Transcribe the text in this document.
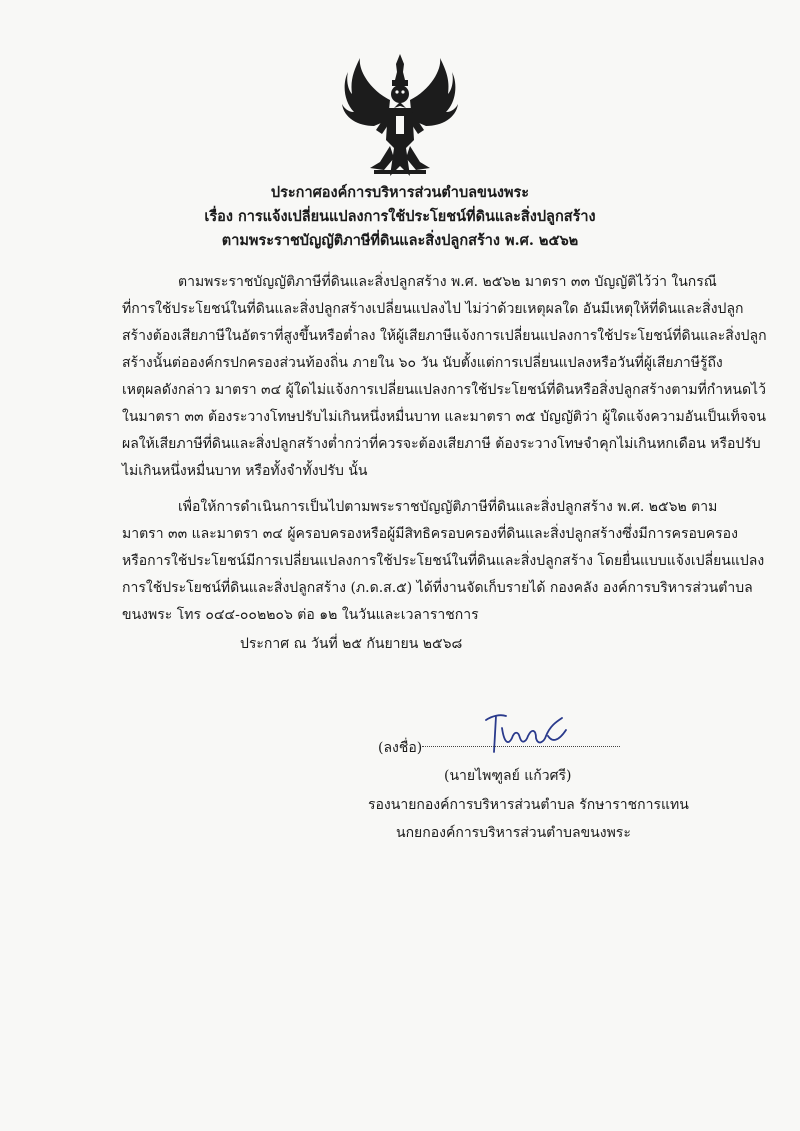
ประกาศองค์การบริหารส่วนตำบลขนงพระ
เรื่อง การแจ้งเปลี่ยนแปลงการใช้ประโยชน์ที่ดินและสิ่งปลูกสร้าง
ตามพระราชบัญญัติภาษีที่ดินและสิ่งปลูกสร้าง พ.ศ. ๒๕๖๒
ตามพระราชบัญญัติภาษีที่ดินและสิ่งปลูกสร้าง พ.ศ. ๒๕๖๒ มาตรา ๓๓ บัญญัติไว้ว่า ในกรณี
ที่การใช้ประโยชน์ในที่ดินและสิ่งปลูกสร้างเปลี่ยนแปลงไป ไม่ว่าด้วยเหตุผลใด อันมีเหตุให้ที่ดินและสิ่งปลูก
สร้างต้องเสียภาษีในอัตราที่สูงขึ้นหรือต่ำลง ให้ผู้เสียภาษีแจ้งการเปลี่ยนแปลงการใช้ประโยชน์ที่ดินและสิ่งปลูก
สร้างนั้นต่อองค์กรปกครองส่วนท้องถิ่น ภายใน ๖๐ วัน นับตั้งแต่การเปลี่ยนแปลงหรือวันที่ผู้เสียภาษีรู้ถึง
เหตุผลดังกล่าว มาตรา ๓๔ ผู้ใดไม่แจ้งการเปลี่ยนแปลงการใช้ประโยชน์ที่ดินหรือสิ่งปลูกสร้างตามที่กำหนดไว้
ในมาตรา ๓๓ ต้องระวางโทษปรับไม่เกินหนึ่งหมื่นบาท และมาตรา ๓๕ บัญญัติว่า ผู้ใดแจ้งความอันเป็นเท็จจน
ผลให้เสียภาษีที่ดินและสิ่งปลูกสร้างต่ำกว่าที่ควรจะต้องเสียภาษี ต้องระวางโทษจำคุกไม่เกินหกเดือน หรือปรับ
ไม่เกินหนึ่งหมื่นบาท หรือทั้งจำทั้งปรับ นั้น
เพื่อให้การดำเนินการเป็นไปตามพระราชบัญญัติภาษีที่ดินและสิ่งปลูกสร้าง พ.ศ. ๒๕๖๒ ตาม
มาตรา ๓๓ และมาตรา ๓๔ ผู้ครอบครองหรือผู้มีสิทธิครอบครองที่ดินและสิ่งปลูกสร้างซึ่งมีการครอบครอง
หรือการใช้ประโยชน์มีการเปลี่ยนแปลงการใช้ประโยชน์ในที่ดินและสิ่งปลูกสร้าง โดยยื่นแบบแจ้งเปลี่ยนแปลง
การใช้ประโยชน์ที่ดินและสิ่งปลูกสร้าง (ภ.ด.ส.๕) ได้ที่งานจัดเก็บรายได้ กองคลัง องค์การบริหารส่วนตำบล
ขนงพระ โทร ๐๔๔-๐๐๒๒๐๖ ต่อ ๑๒ ในวันและเวลาราชการ
ประกาศ ณ วันที่ ๒๕ กันยายน ๒๕๖๘
(ลงชื่อ)
(นายไพฑูลย์ แก้วศรี)
รองนายกองค์การบริหารส่วนตำบล รักษาราชการแทน
นกยกองค์การบริหารส่วนตำบลขนงพระ
